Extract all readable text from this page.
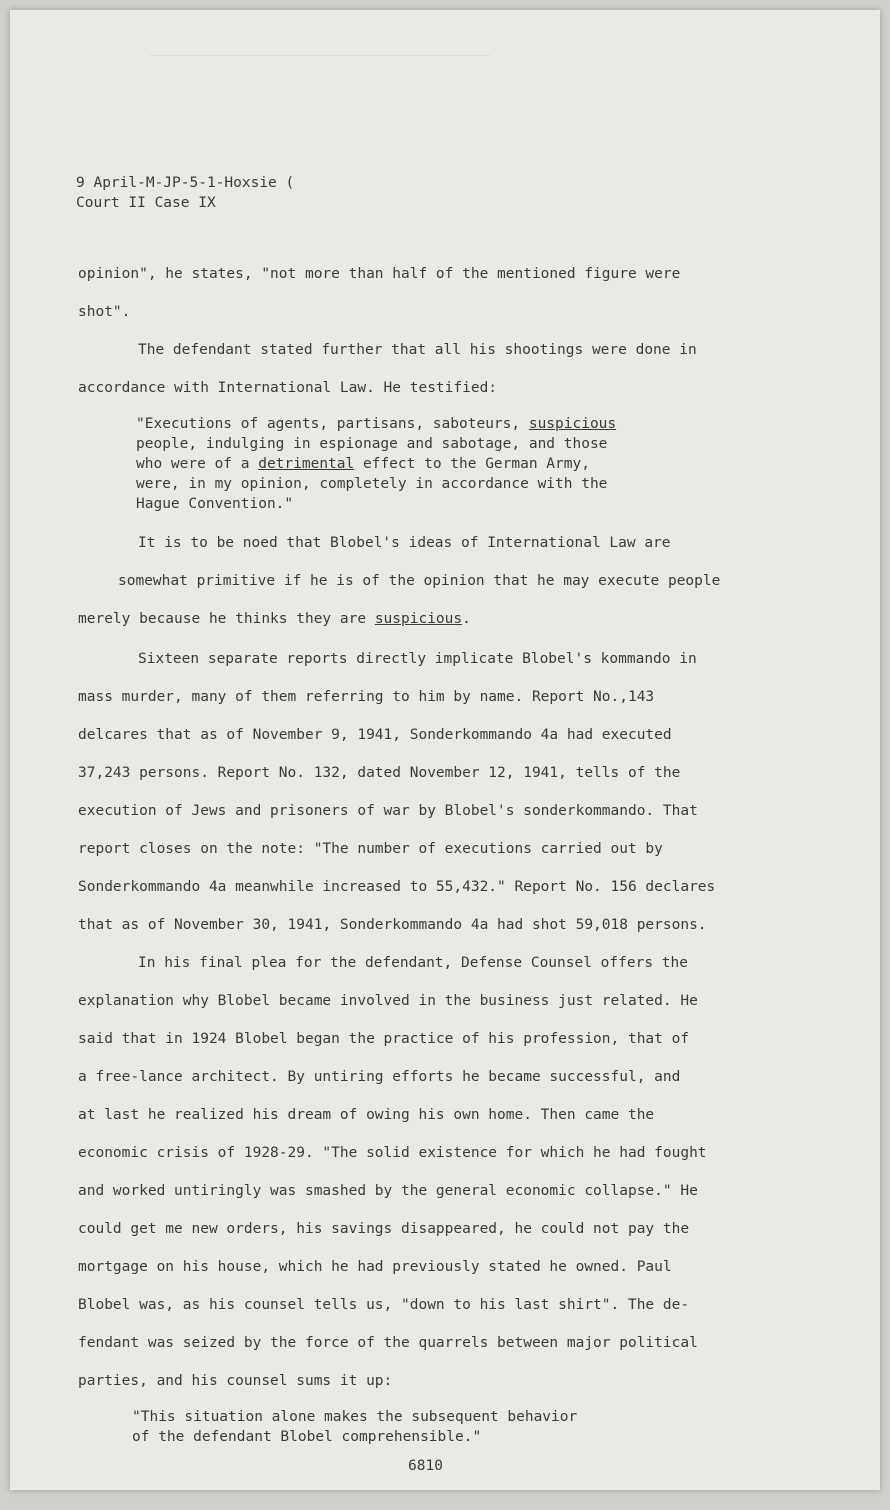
9 April-M-JP-5-1-Hoxsie (
Court II Case IX
opinion", he states, "not more than half of the mentioned figure were
shot".
The defendant stated further that all his shootings were done in
accordance with International Law. He testified:
"Executions of agents, partisans, saboteurs, suspicious
people, indulging in espionage and sabotage, and those
who were of a detrimental effect to the German Army,
were, in my opinion, completely in accordance with the
Hague Convention."
It is to be noed that Blobel's ideas of International Law are
somewhat primitive if he is of the opinion that he may execute people
merely because he thinks they are suspicious.
Sixteen separate reports directly implicate Blobel's kommando in
mass murder, many of them referring to him by name. Report No.,143
delcares that as of November 9, 1941, Sonderkommando 4a had executed
37,243 persons. Report No. 132, dated November 12, 1941, tells of the
execution of Jews and prisoners of war by Blobel's sonderkommando. That
report closes on the note: "The number of executions carried out by
Sonderkommando 4a meanwhile increased to 55,432." Report No. 156 declares
that as of November 30, 1941, Sonderkommando 4a had shot 59,018 persons.
In his final plea for the defendant, Defense Counsel offers the
explanation why Blobel became involved in the business just related. He
said that in 1924 Blobel began the practice of his profession, that of
a free-lance architect. By untiring efforts he became successful, and
at last he realized his dream of owing his own home. Then came the
economic crisis of 1928-29. "The solid existence for which he had fought
and worked untiringly was smashed by the general economic collapse." He
could get me new orders, his savings disappeared, he could not pay the
mortgage on his house, which he had previously stated he owned. Paul
Blobel was, as his counsel tells us, "down to his last shirt". The de-
fendant was seized by the force of the quarrels between major political
parties, and his counsel sums it up:
"This situation alone makes the subsequent behavior
of the defendant Blobel comprehensible."
6810
